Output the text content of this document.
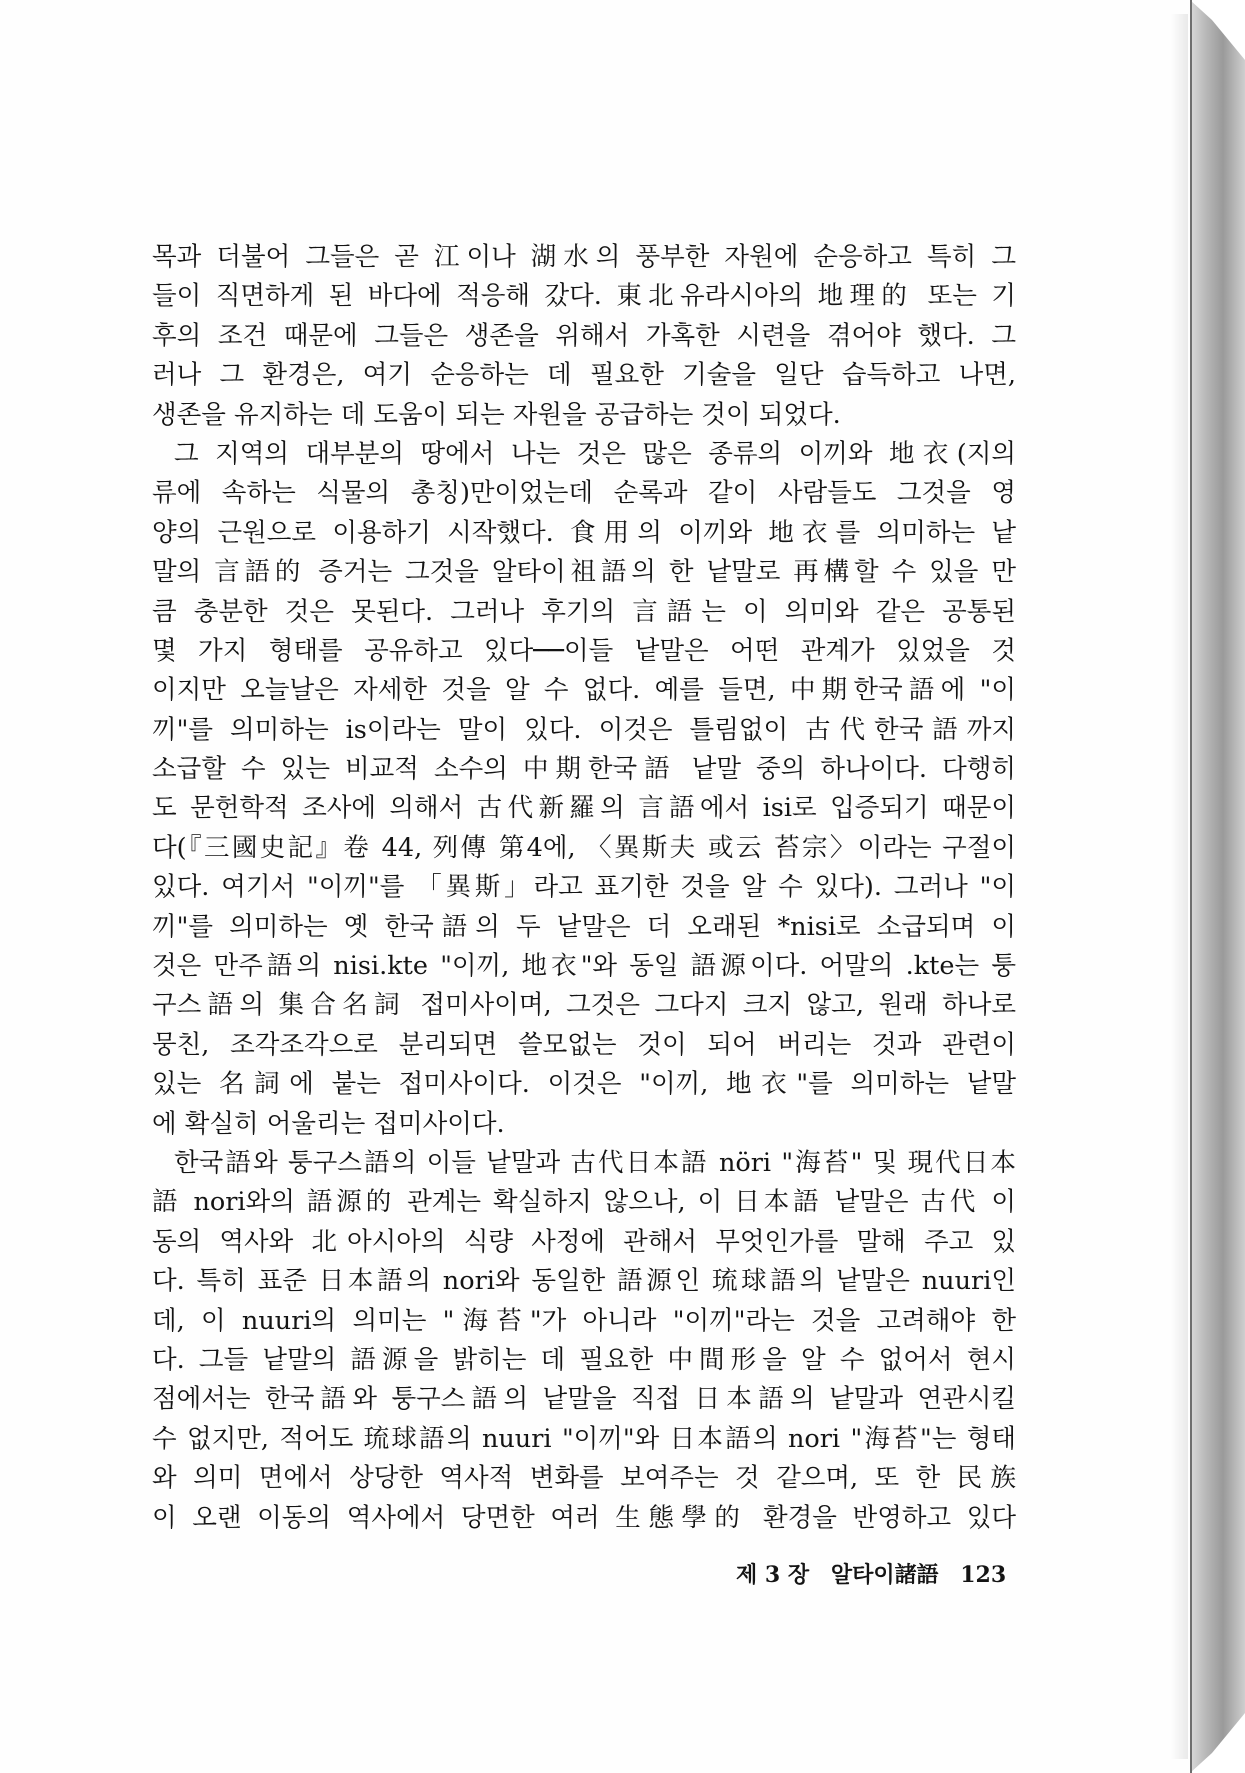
목과 더불어 그들은 곧 江이나 湖水의 풍부한 자원에 순응하고 특히 그
들이 직면하게 된 바다에 적응해 갔다. 東北유라시아의 地理的 또는 기
후의 조건 때문에 그들은 생존을 위해서 가혹한 시련을 겪어야 했다. 그
러나 그 환경은, 여기 순응하는 데 필요한 기술을 일단 습득하고 나면,
생존을 유지하는 데 도움이 되는 자원을 공급하는 것이 되었다.
그 지역의 대부분의 땅에서 나는 것은 많은 종류의 이끼와 地衣(지의
류에 속하는 식물의 총칭)만이었는데 순록과 같이 사람들도 그것을 영
양의 근원으로 이용하기 시작했다. 食用의 이끼와 地衣를 의미하는 낱
말의 言語的 증거는 그것을 알타이祖語의 한 낱말로 再構할 수 있을 만
큼 충분한 것은 못된다. 그러나 후기의 言語는 이 의미와 같은 공통된
몇 가지 형태를 공유하고 있다──이들 낱말은 어떤 관계가 있었을 것
이지만 오늘날은 자세한 것을 알 수 없다. 예를 들면, 中期한국語에 "이
끼"를 의미하는 is이라는 말이 있다. 이것은 틀림없이 古代한국語까지
소급할 수 있는 비교적 소수의 中期한국語 낱말 중의 하나이다. 다행히
도 문헌학적 조사에 의해서 古代新羅의 言語에서 isi로 입증되기 때문이
다(『三國史記』卷 44, 列傳 第4에, 〈異斯夫 或云 苔宗〉이라는 구절이
있다. 여기서 "이끼"를 「異斯」라고 표기한 것을 알 수 있다). 그러나 "이
끼"를 의미하는 옛 한국語의 두 낱말은 더 오래된 *nisi로 소급되며 이
것은 만주語의 nisi.kte "이끼, 地衣"와 동일 語源이다. 어말의 .kte는 퉁
구스語의 集合名詞 접미사이며, 그것은 그다지 크지 않고, 원래 하나로
뭉친, 조각조각으로 분리되면 쓸모없는 것이 되어 버리는 것과 관련이
있는 名詞에 붙는 접미사이다. 이것은 "이끼, 地衣"를 의미하는 낱말
에 확실히 어울리는 접미사이다.
한국語와 퉁구스語의 이들 낱말과 古代日本語 nöri "海苔" 및 現代日本
語 nori와의 語源的 관계는 확실하지 않으나, 이 日本語 낱말은 古代 이
동의 역사와 北아시아의 식량 사정에 관해서 무엇인가를 말해 주고 있
다. 특히 표준 日本語의 nori와 동일한 語源인 琉球語의 낱말은 nuuri인
데, 이 nuuri의 의미는 "海苔"가 아니라 "이끼"라는 것을 고려해야 한
다. 그들 낱말의 語源을 밝히는 데 필요한 中間形을 알 수 없어서 현시
점에서는 한국語와 퉁구스語의 낱말을 직접 日本語의 낱말과 연관시킬
수 없지만, 적어도 琉球語의 nuuri "이끼"와 日本語의 nori "海苔"는 형태
와 의미 면에서 상당한 역사적 변화를 보여주는 것 같으며, 또 한 民族
이 오랜 이동의 역사에서 당면한 여러 生態學的 환경을 반영하고 있다
제 3 장 알타이諸語 123
